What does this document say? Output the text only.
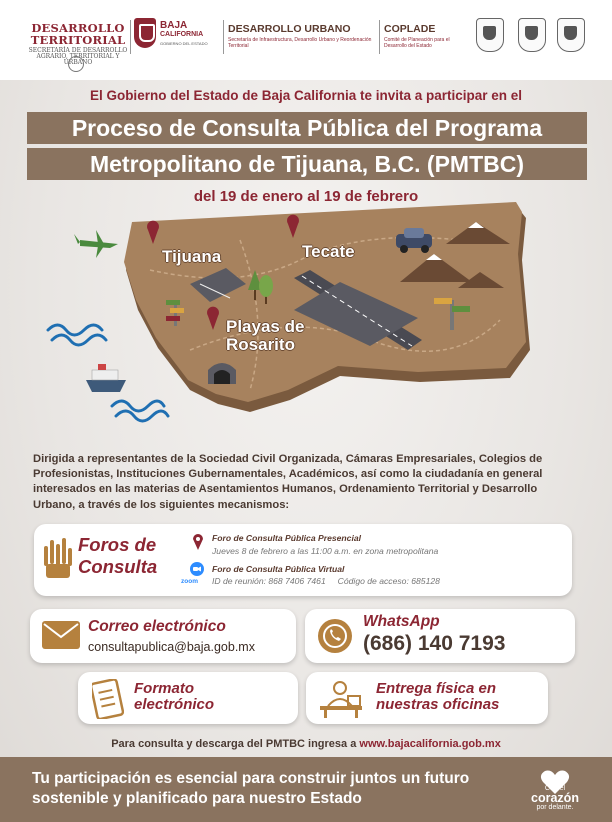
DESARROLLO
TERRITORIAL
SECRETARÍA DE DESARROLLO AGRARIO, TERRITORIAL Y URBANO
BAJA
CALIFORNIA
GOBIERNO DEL ESTADO
DESARROLLO URBANO
Secretaría de Infraestructura, Desarrollo Urbano y Reordenación Territorial
COPLADE
Comité de Planeación para el Desarrollo del Estado
El Gobierno del Estado de Baja California te invita a participar en el
Proceso de Consulta Pública del Programa
Metropolitano de Tijuana, B.C. (PMTBC)
del 19 de enero al 19 de febrero
Tijuana	Tecate
Playas de
Rosarito
Dirigida a representantes de la Sociedad Civil Organizada, Cámaras Empresariales, Colegios de Profesionistas, Instituciones Gubernamentales, Académicos, así como la ciudadanía en general interesados en las materias de Asentamientos Humanos, Ordenamiento Territorial y Desarrollo Urbano, a través de los siguientes mecanismos:
Foros de
Consulta
Foro de Consulta Pública Presencial
Jueves 8 de febrero a las 11:00 a.m. en zona metropolitana
zoom
Foro de Consulta Pública Virtual
ID de reunión: 868 7406 7461     Código de acceso: 685128
Correo electrónico
consultapublica@baja.gob.mx
WhatsApp
(686) 140 7193
Formato
electrónico
Entrega física en
nuestras oficinas
Para consulta y descarga del PMTBC ingresa a www.bajacalifornia.gob.mx
Tu participación es esencial para construir juntos un futuro sostenible y planificado para nuestro Estado
Con el
corazón
por delante.
